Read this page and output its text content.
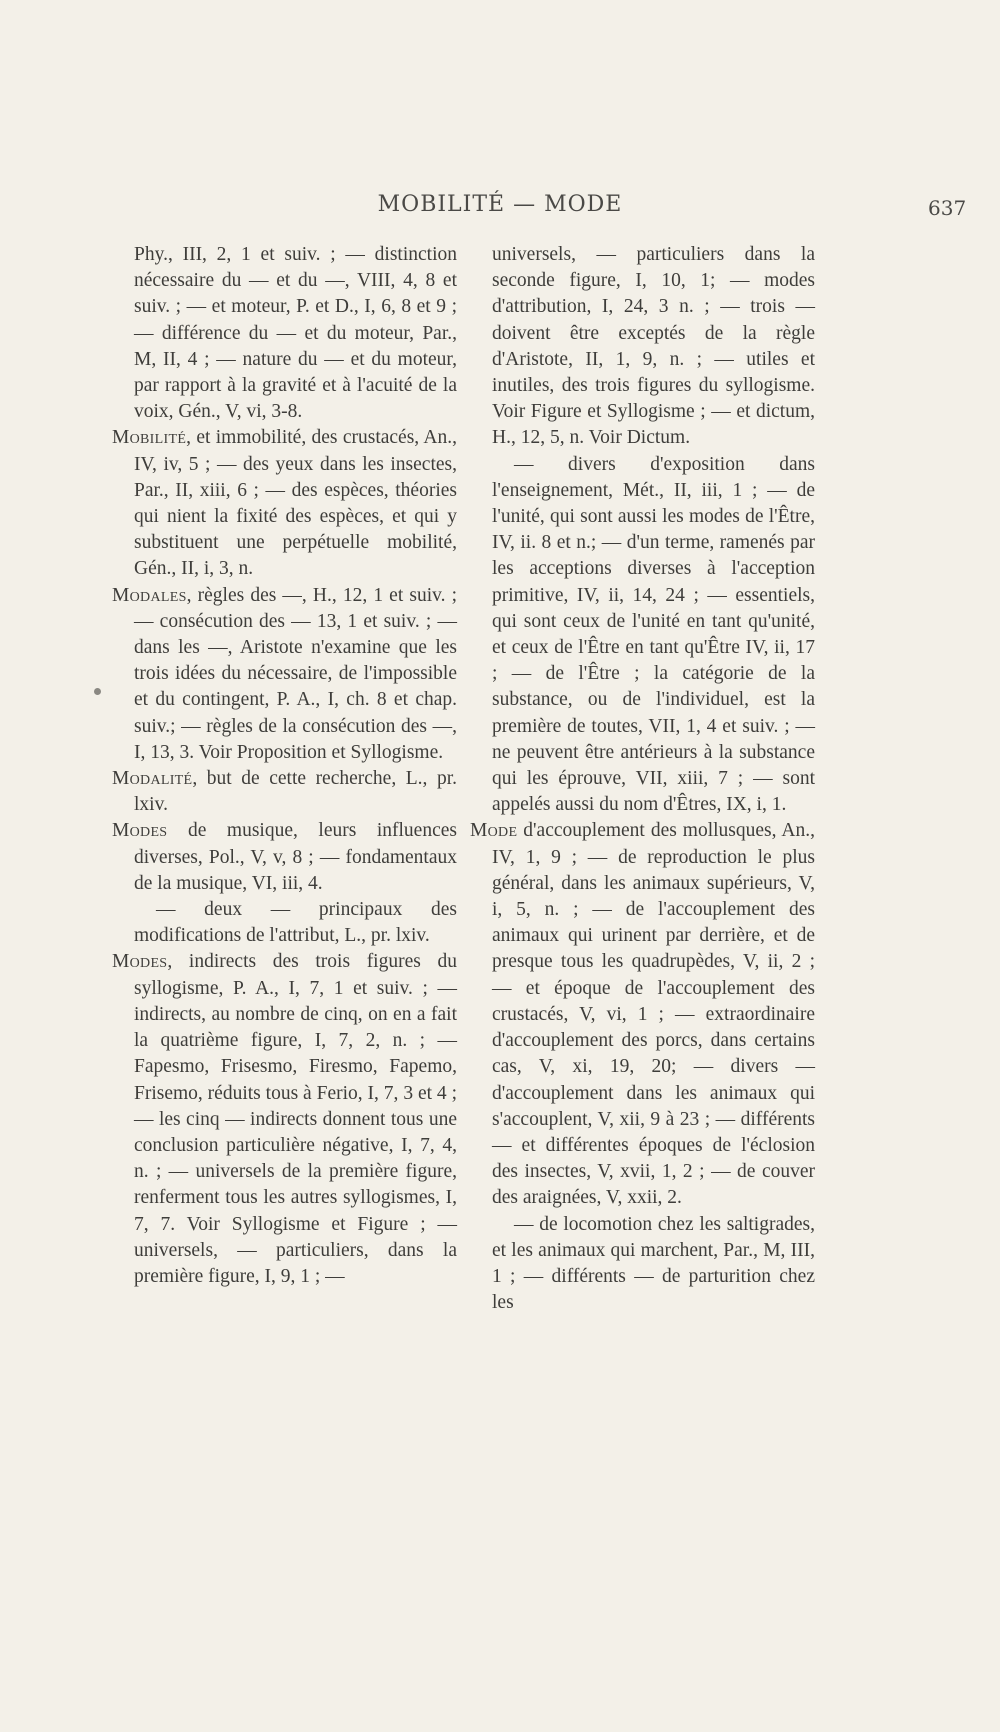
MOBILITÉ — MODE	637

Phy., III, 2, 1 et suiv. ; — distinction nécessaire du — et du —, VIII, 4, 8 et suiv. ; — et moteur, P. et D., I, 6, 8 et 9 ; — différence du — et du moteur, Par., M, II, 4 ; — nature du — et du moteur, par rapport à la gravité et à l'acuité de la voix, Gén., V, vi, 3-8.

Mobilité, et immobilité, des crustacés, An., IV, iv, 5 ; — des yeux dans les insectes, Par., II, xiii, 6 ; — des espèces, théories qui nient la fixité des espèces, et qui y substituent une perpétuelle mobilité, Gén., II, i, 3, n.

Modales, règles des —, H., 12, 1 et suiv. ; — consécution des — 13, 1 et suiv. ; — dans les —, Aristote n'examine que les trois idées du nécessaire, de l'impossible et du contingent, P. A., I, ch. 8 et chap. suiv.; — règles de la consécution des —, I, 13, 3. Voir Proposition et Syllogisme.

Modalité, but de cette recherche, L., pr. lxiv.

Modes de musique, leurs influences diverses, Pol., V, v, 8 ; — fondamentaux de la musique, VI, iii, 4.

— deux — principaux des modifications de l'attribut, L., pr. lxiv.

Modes, indirects des trois figures du syllogisme, P. A., I, 7, 1 et suiv. ; — indirects, au nombre de cinq, on en a fait la quatrième figure, I, 7, 2, n. ; — Fapesmo, Frisesmo, Firesmo, Fapemo, Frisemo, réduits tous à Ferio, I, 7, 3 et 4 ; — les cinq — indirects donnent tous une conclusion particulière négative, I, 7, 4, n. ; — universels de la première figure, renferment tous les autres syllogismes, I, 7, 7. Voir Syllogisme et Figure ; — universels, — particuliers, dans la première figure, I, 9, 1 ; —

universels, — particuliers dans la seconde figure, I, 10, 1; — modes d'attribution, I, 24, 3 n. ; — trois — doivent être exceptés de la règle d'Aristote, II, 1, 9, n. ; — utiles et inutiles, des trois figures du syllogisme. Voir Figure et Syllogisme ; — et dictum, H., 12, 5, n. Voir Dictum.

— divers d'exposition dans l'enseignement, Mét., II, iii, 1 ; — de l'unité, qui sont aussi les modes de l'Être, IV, ii. 8 et n.; — d'un terme, ramenés par les acceptions diverses à l'acception primitive, IV, ii, 14, 24 ; — essentiels, qui sont ceux de l'unité en tant qu'unité, et ceux de l'Être en tant qu'Être IV, ii, 17 ; — de l'Être ; la catégorie de la substance, ou de l'individuel, est la première de toutes, VII, 1, 4 et suiv. ; — ne peuvent être antérieurs à la substance qui les éprouve, VII, xiii, 7 ; — sont appelés aussi du nom d'Êtres, IX, i, 1.

Mode d'accouplement des mollusques, An., IV, 1, 9 ; — de reproduction le plus général, dans les animaux supérieurs, V, i, 5, n. ; — de l'accouplement des animaux qui urinent par derrière, et de presque tous les quadrupèdes, V, ii, 2 ; — et époque de l'accouplement des crustacés, V, vi, 1 ; — extraordinaire d'accouplement des porcs, dans certains cas, V, xi, 19, 20; — divers — d'accouplement dans les animaux qui s'accouplent, V, xii, 9 à 23 ; — différents — et différentes époques de l'éclosion des insectes, V, xvii, 1, 2 ; — de couver des araignées, V, xxii, 2.

— de locomotion chez les saltigrades, et les animaux qui marchent, Par., M, III, 1 ; — différents — de parturition chez les
